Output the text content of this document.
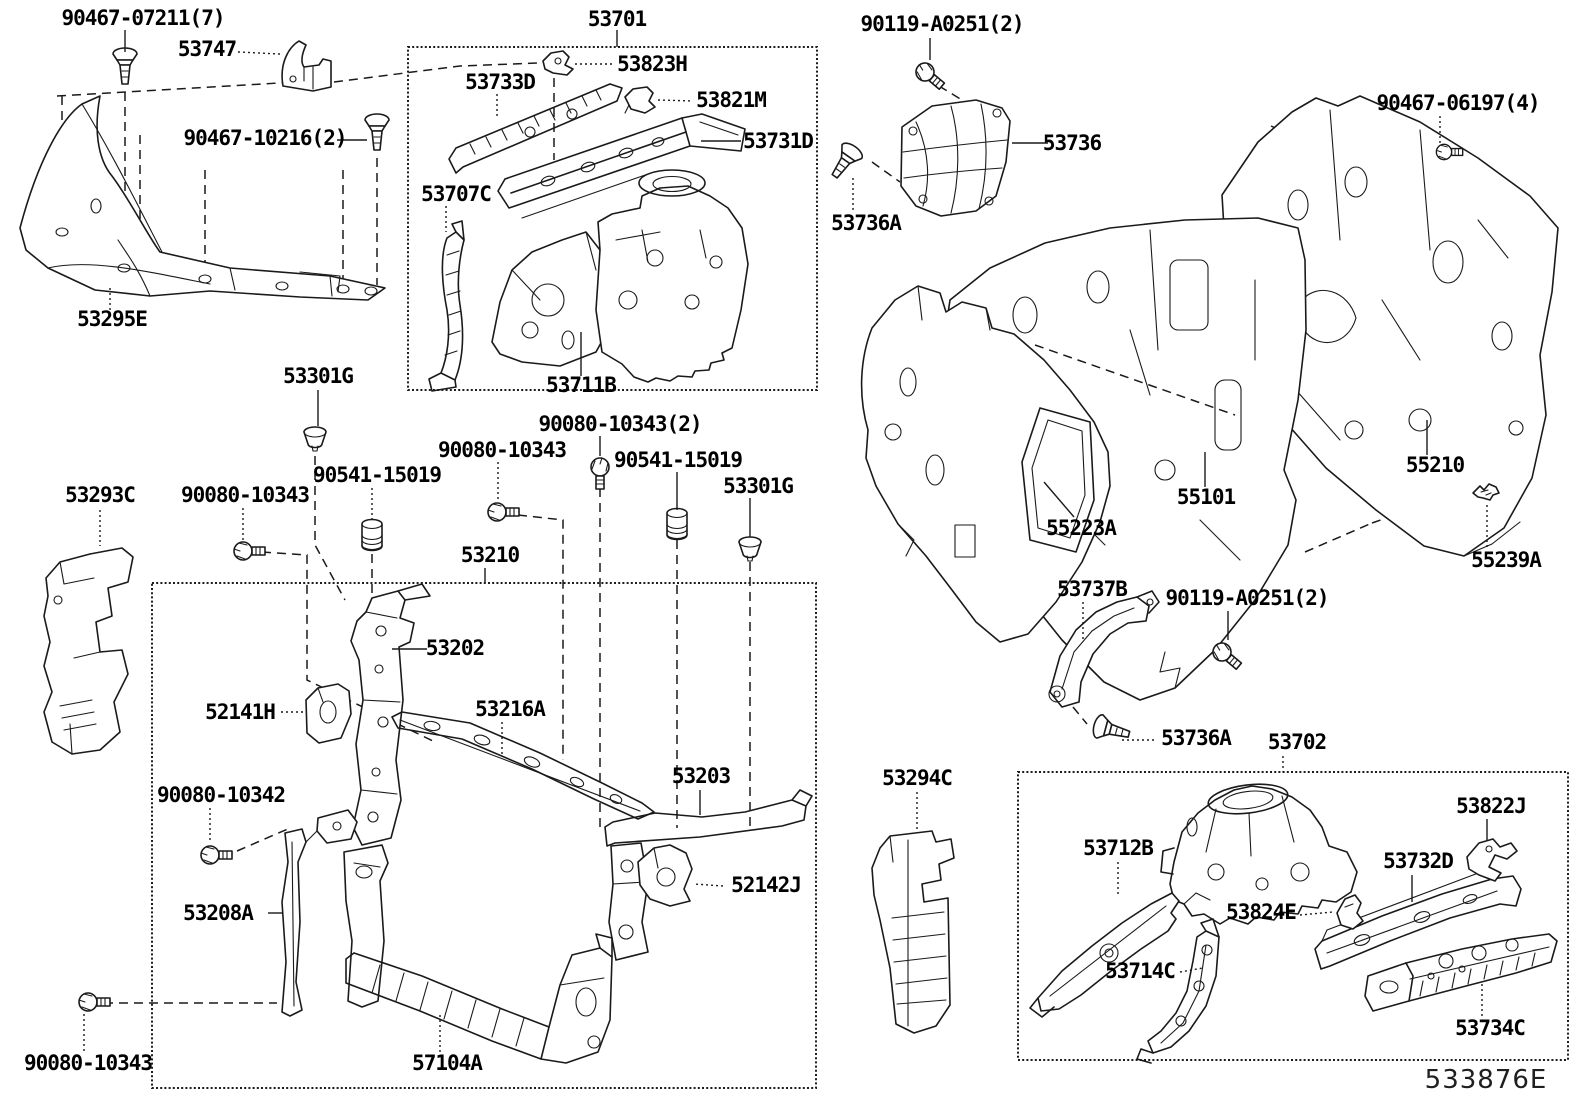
90467-07211(7)
53747
90467-10216(2)
53295E
53701
53733D
53823H
53821M
53731D
53707C
53711B
90119-A0251(2)
53736
53736A
90467-06197(4)
55210
55239A
55101
55223A
53301G
53293C 90080-10343
90541-15019
90080-10343
90080-10343(2)
90541-15019
53301G
53210
53202
52141H	53216A
90080-10342
53208A
53203
52142J
57104A
90080-10343
53294C
53737B 90119-A0251(2)
53736A 53702
53712B
53822J
53732D
53824E
53714C
53734C
533876E
